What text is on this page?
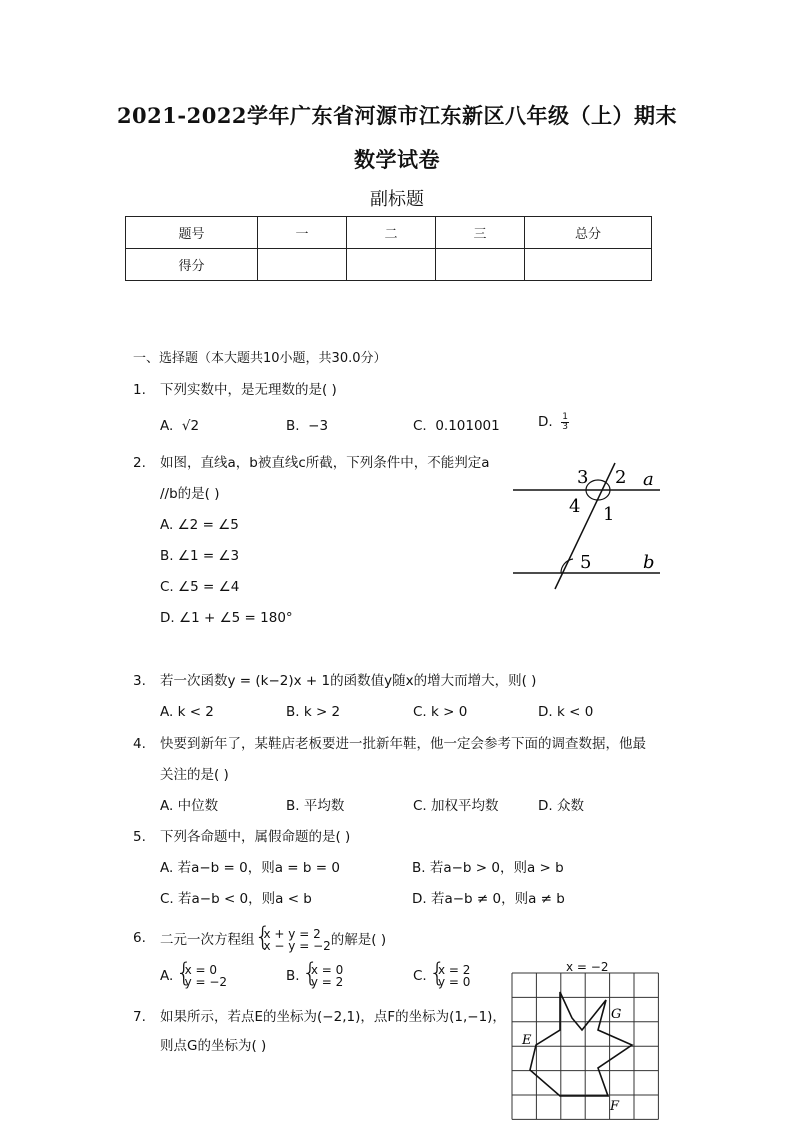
2021-2022学年广东省河源市江东新区八年级（上）期末
数学试卷
副标题
题号	一	二	三	总分
得分				
一、选择题（本大题共10小题，共30.0分）
1. 下列实数中，是无理数的是( )
A.  √2	B.  −3	C.  0.101001	D. $\frac{1}{3}$
2. 如图，直线a，b被直线c所截，下列条件中，不能判定a
//b的是( )
A. ∠2 = ∠5
B. ∠1 = ∠3
C. ∠5 = ∠4
D. ∠1 + ∠5 = 180°
3 2 a
4 1
5	b
3. 若一次函数y = (k−2)x + 1的函数值y随x的增大而增大，则( )
A. k < 2	B. k > 2	C. k > 0	D. k < 0
4. 快要到新年了，某鞋店老板要进一批新年鞋，他一定会参考下面的调查数据，他最
关注的是( )
A. 中位数	B. 平均数	C. 加权平均数	D. 众数
5. 下列各命题中，属假命题的是( )
A. 若a−b = 0，则a = b = 0	B. 若a−b > 0，则a > b
C. 若a−b < 0，则a < b	D. 若a−b ≠ 0，则a ≠ b
6. 二元一次方程组 { x + y = 2
x − y = −2 的解是( )
A. { x = 0
y = −2	B. { x = 0
y = 2	C. { x = 2
y = 0
x = −2
7. 如果所示，若点E的坐标为(−2,1)，点F的坐标为(1,−1)，
则点G的坐标为( )	E
G
F
